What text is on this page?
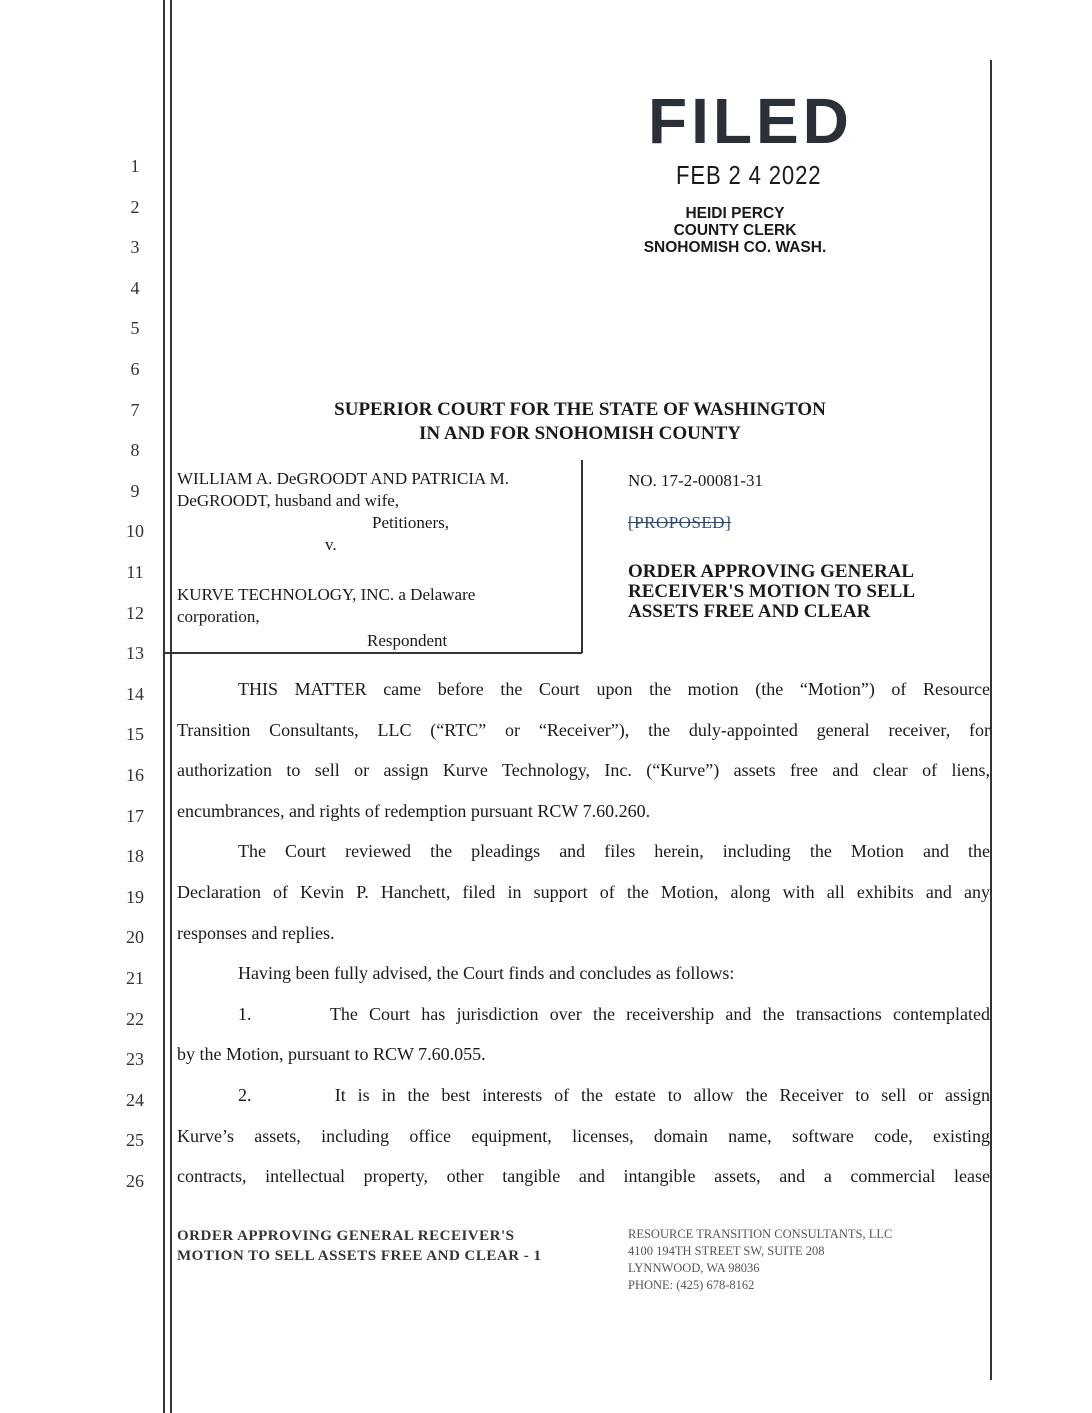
1
2
3
4
5
6
7
8
9
10
11
12
13
14
15
16
17
18
19
20
21
22
23
24
25
26
FILED
FEB 2 4 2022
HEIDI PERCY
COUNTY CLERK
SNOHOMISH CO. WASH.
SUPERIOR COURT FOR THE STATE OF WASHINGTON
IN AND FOR SNOHOMISH COUNTY
WILLIAM A. DeGROODT AND PATRICIA M.
DeGROODT, husband and wife,
Petitioners,
v.
KURVE TECHNOLOGY, INC. a Delaware
corporation,
Respondent
NO. 17-2-00081-31
[PROPOSED]
ORDER APPROVING GENERAL
RECEIVER'S MOTION TO SELL
ASSETS FREE AND CLEAR
THIS MATTER came before the Court upon the motion (the “Motion”) of Resource
Transition Consultants, LLC (“RTC” or “Receiver”), the duly-appointed general receiver, for
authorization to sell or assign Kurve Technology, Inc. (“Kurve”) assets free and clear of liens,
encumbrances, and rights of redemption pursuant RCW 7.60.260.
The Court reviewed the pleadings and files herein, including the Motion and the
Declaration of Kevin P. Hanchett, filed in support of the Motion, along with all exhibits and any
responses and replies.
Having been fully advised, the Court finds and concludes as follows:
1.       The Court has jurisdiction over the receivership and the transactions contemplated
by the Motion, pursuant to RCW 7.60.055.
2.       It is in the best interests of the estate to allow the Receiver to sell or assign
Kurve’s assets, including office equipment, licenses, domain name, software code, existing
contracts, intellectual property, other tangible and intangible assets, and a commercial lease
ORDER APPROVING GENERAL RECEIVER'S
MOTION TO SELL ASSETS FREE AND CLEAR - 1
RESOURCE TRANSITION CONSULTANTS, LLC
4100 194TH STREET SW, SUITE 208
LYNNWOOD, WA 98036
PHONE: (425) 678-8162
